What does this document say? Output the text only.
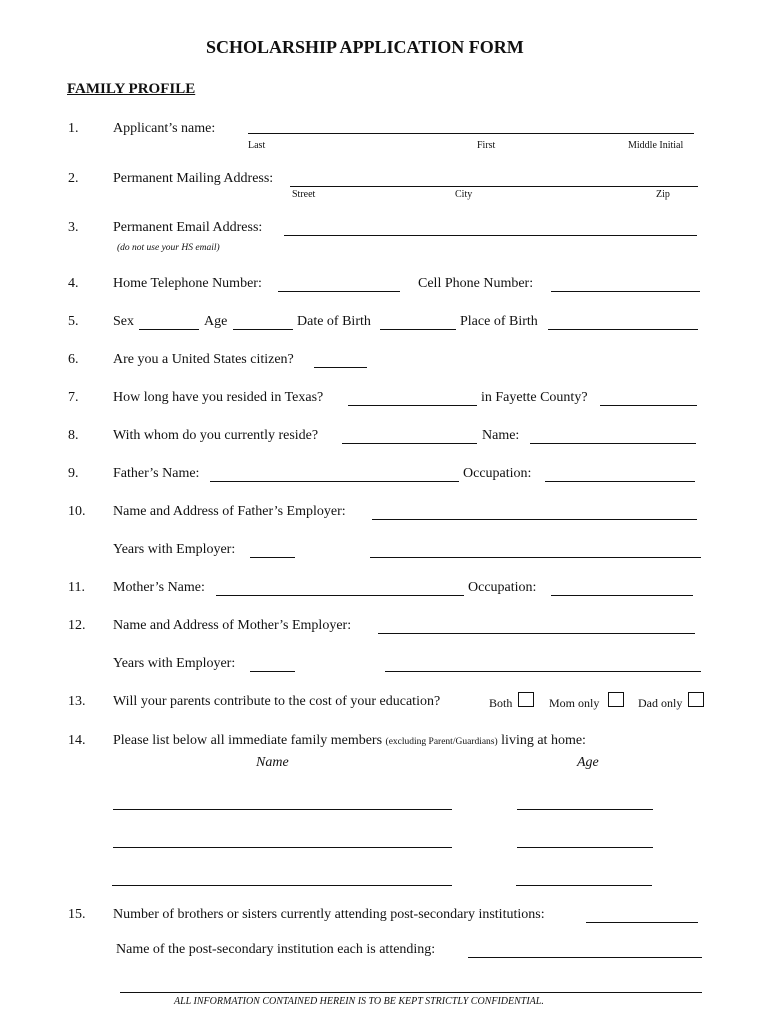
SCHOLARSHIP APPLICATION FORM
FAMILY PROFILE
1. Applicant’s name:
Last	First	Middle Initial
2. Permanent Mailing Address:
Street	City	Zip
3. Permanent Email Address:
(do not use your HS email)
4. Home Telephone Number:	Cell Phone Number:
5. Sex	Age	Date of Birth	Place of Birth
6. Are you a United States citizen?
7. How long have you resided in Texas?	in Fayette County?
8. With whom do you currently reside?	Name:
9. Father’s Name:	Occupation:
10. Name and Address of Father’s Employer:
Years with Employer:
11. Mother’s Name:	Occupation:
12. Name and Address of Mother’s Employer:
Years with Employer:
13. Will your parents contribute to the cost of your education?	Both	Mom only	Dad only
14. Please list below all immediate family members (excluding Parent/Guardians) living at home:
Name	Age
15. Number of brothers or sisters currently attending post-secondary institutions:
Name of the post-secondary institution each is attending:
ALL INFORMATION CONTAINED HEREIN IS TO BE KEPT STRICTLY CONFIDENTIAL.
